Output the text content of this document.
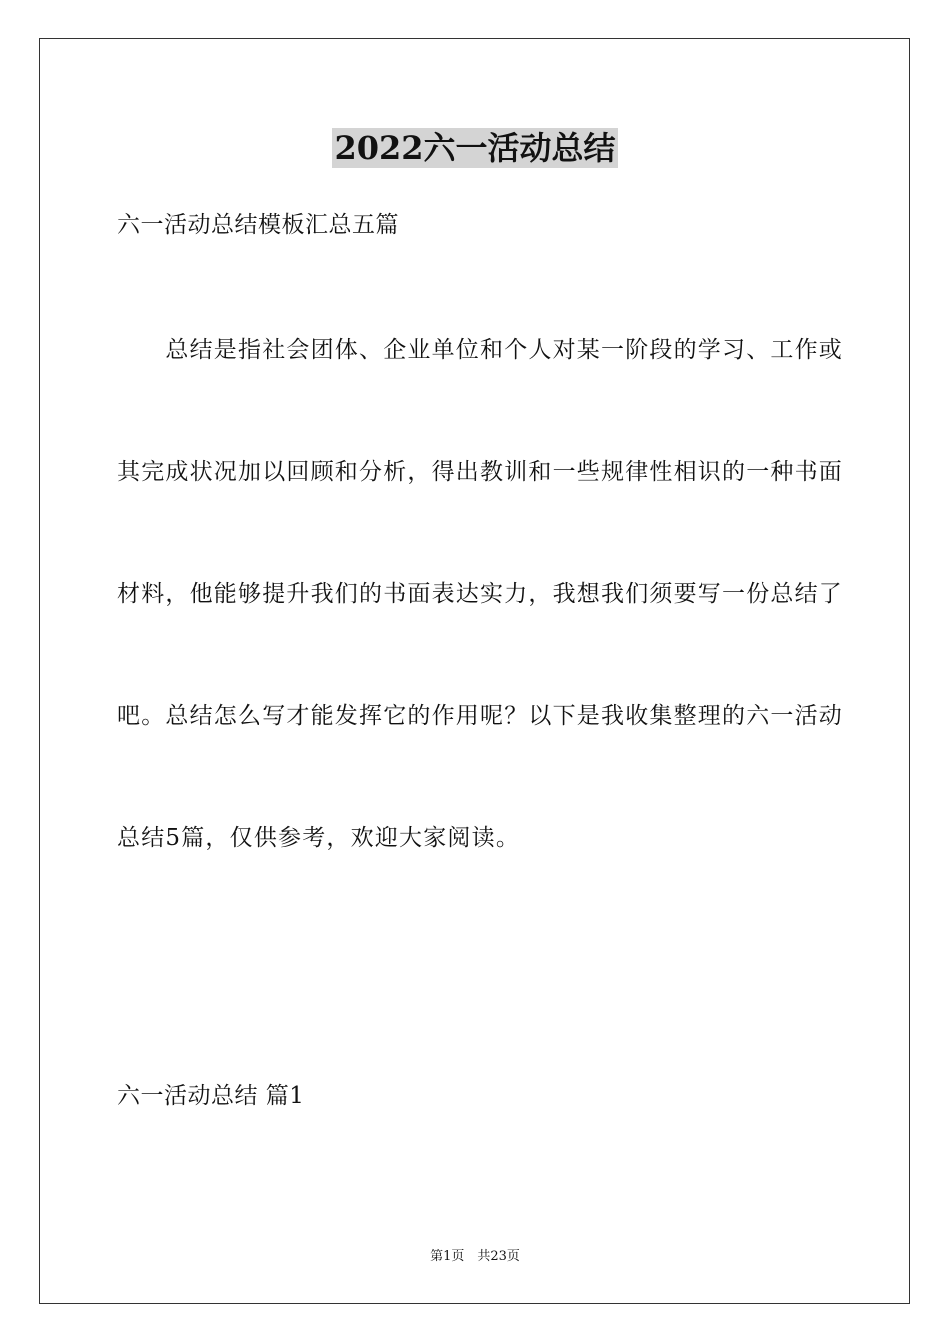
2022六一活动总结
六一活动总结模板汇总五篇
　　总结是指社会团体、企业单位和个人对某一阶段的学习、工作或
其完成状况加以回顾和分析，得出教训和一些规律性相识的一种书面
材料，他能够提升我们的书面表达实力，我想我们须要写一份总结了
吧。总结怎么写才能发挥它的作用呢？以下是我收集整理的六一活动
总结5篇，仅供参考，欢迎大家阅读。
六一活动总结 篇1
第1页　共23页
